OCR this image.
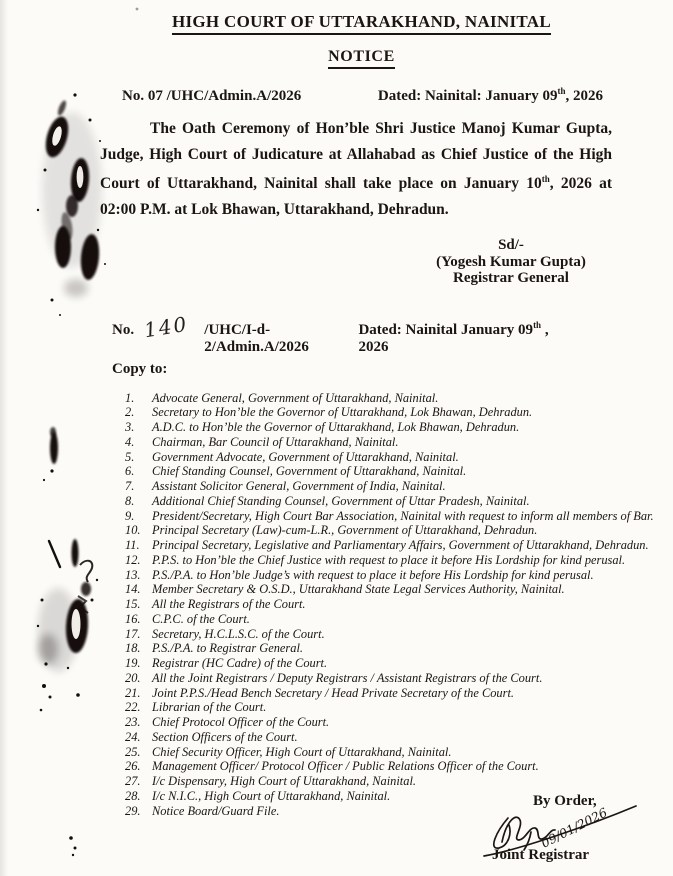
HIGH COURT OF UTTARAKHAND, NAINITAL
NOTICE
No. 07 /UHC/Admin.A/2026	Dated: Nainital: January 09th, 2026

The Oath Ceremony of Hon’ble Shri Justice Manoj Kumar Gupta, Judge, High Court of Judicature at Allahabad as Chief Justice of the High Court of Uttarakhand, Nainital shall take place on January 10th, 2026 at 02:00 P.M. at Lok Bhawan, Uttarakhand, Dehradun.

Sd/-
(Yogesh Kumar Gupta)
Registrar General
No. 140 /UHC/I-d-2/Admin.A/2026
Dated: Nainital January 09th , 2026
Copy to:
1.	Advocate General, Government of Uttarakhand, Nainital.
2.	Secretary to Hon’ble the Governor of Uttarakhand, Lok Bhawan, Dehradun.
3.	A.D.C. to Hon’ble the Governor of Uttarakhand, Lok Bhawan, Dehradun.
4.	Chairman, Bar Council of Uttarakhand, Nainital.
5.	Government Advocate, Government of Uttarakhand, Nainital.
6.	Chief Standing Counsel, Government of Uttarakhand, Nainital.
7.	Assistant Solicitor General, Government of India, Nainital.
8.	Additional Chief Standing Counsel, Government of Uttar Pradesh, Nainital.
9.	President/Secretary, High Court Bar Association, Nainital with request to inform all members of Bar.
10. Principal Secretary (Law)-cum-L.R., Government of Uttarakhand, Dehradun.
11.	Principal Secretary, Legislative and Parliamentary Affairs, Government of Uttarakhand, Dehradun.
12. P.P.S. to Hon’ble the Chief Justice with request to place it before His Lordship for kind perusal.
13. P.S./P.A. to Hon’ble Judge’s with request to place it before His Lordship for kind perusal.
14. Member Secretary & O.S.D., Uttarakhand State Legal Services Authority, Nainital.
15. All the Registrars of the Court.
16. C.P.C. of the Court.
17. Secretary, H.C.L.S.C. of the Court.
18. P.S./P.A. to Registrar General.
19. Registrar (HC Cadre) of the Court.
20. All the Joint Registrars / Deputy Registrars / Assistant Registrars of the Court.
21. Joint P.P.S./Head Bench Secretary / Head Private Secretary of the Court.
22. Librarian of the Court.
23. Chief Protocol Officer of the Court.
24. Section Officers of the Court.
25. Chief Security Officer, High Court of Uttarakhand, Nainital.
26. Management Officer/ Protocol Officer / Public Relations Officer of the Court.
27. I/c Dispensary, High Court of Uttarakhand, Nainital.
28. I/c N.I.C., High Court of Uttarakhand, Nainital.
29. Notice Board/Guard File.
By Order,
09/01/2026
Joint Registrar
